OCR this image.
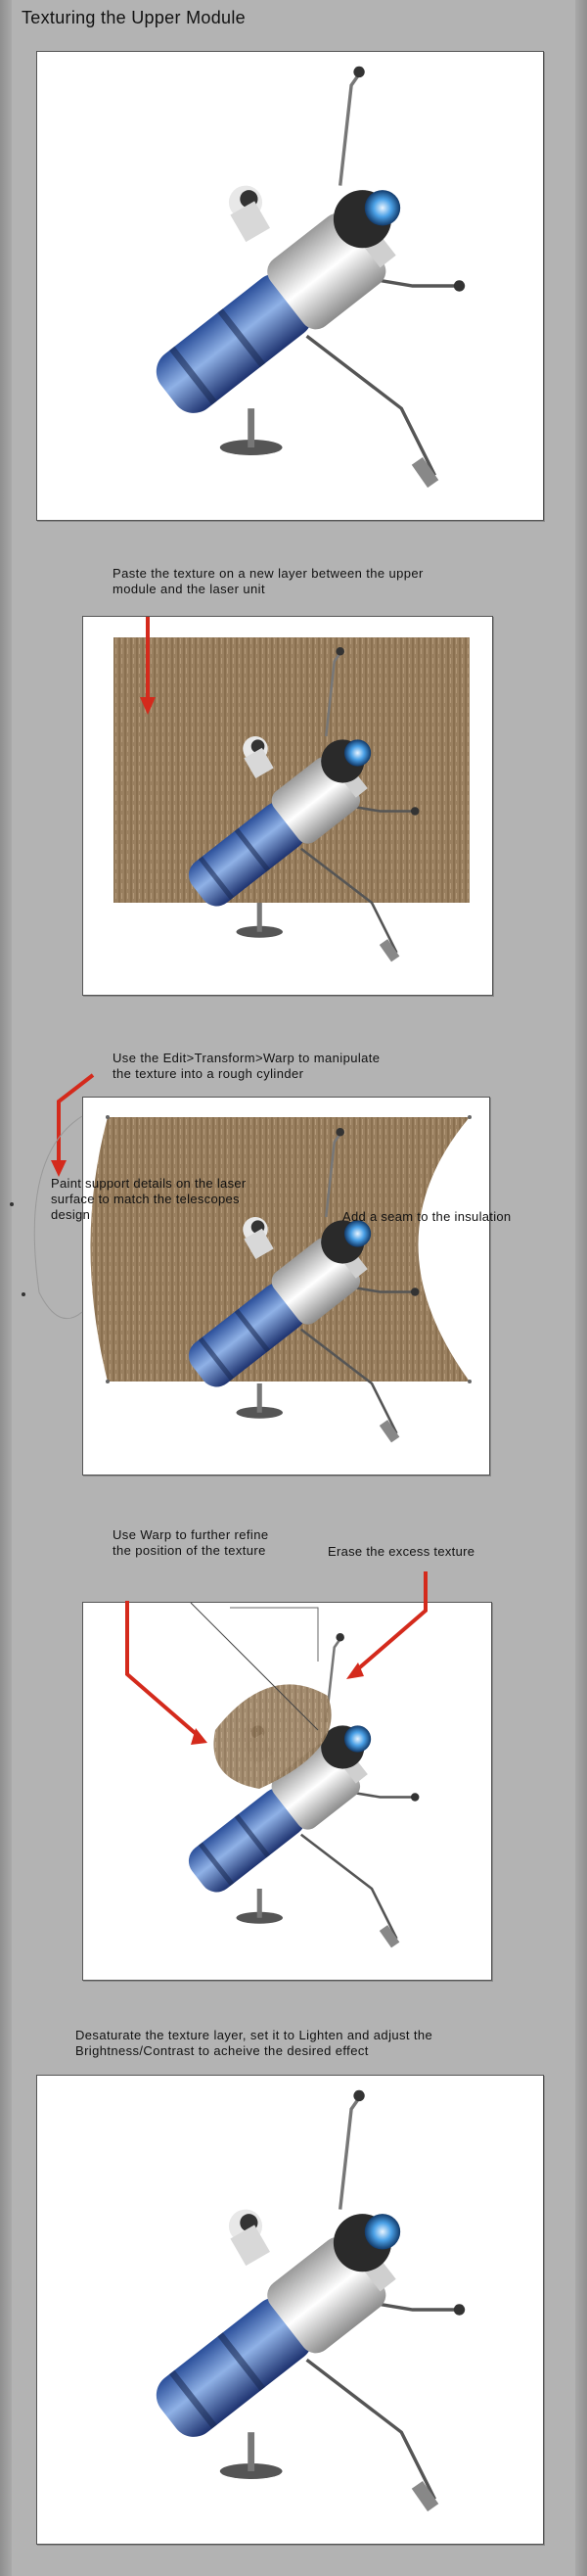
Texturing the Upper Module
Paste the texture on a new layer between the upper
module and the laser unit
Use the Edit>Transform>Warp to manipulate
the texture into a rough cylinder
Paint support details on the laser
surface to match the telescopes
design	Add a seam to the insulation
Use Warp to further refine
the position of the texture	Erase the excess texture
Desaturate the texture layer, set it to Lighten and adjust the
Brightness/Contrast to acheive the desired effect
